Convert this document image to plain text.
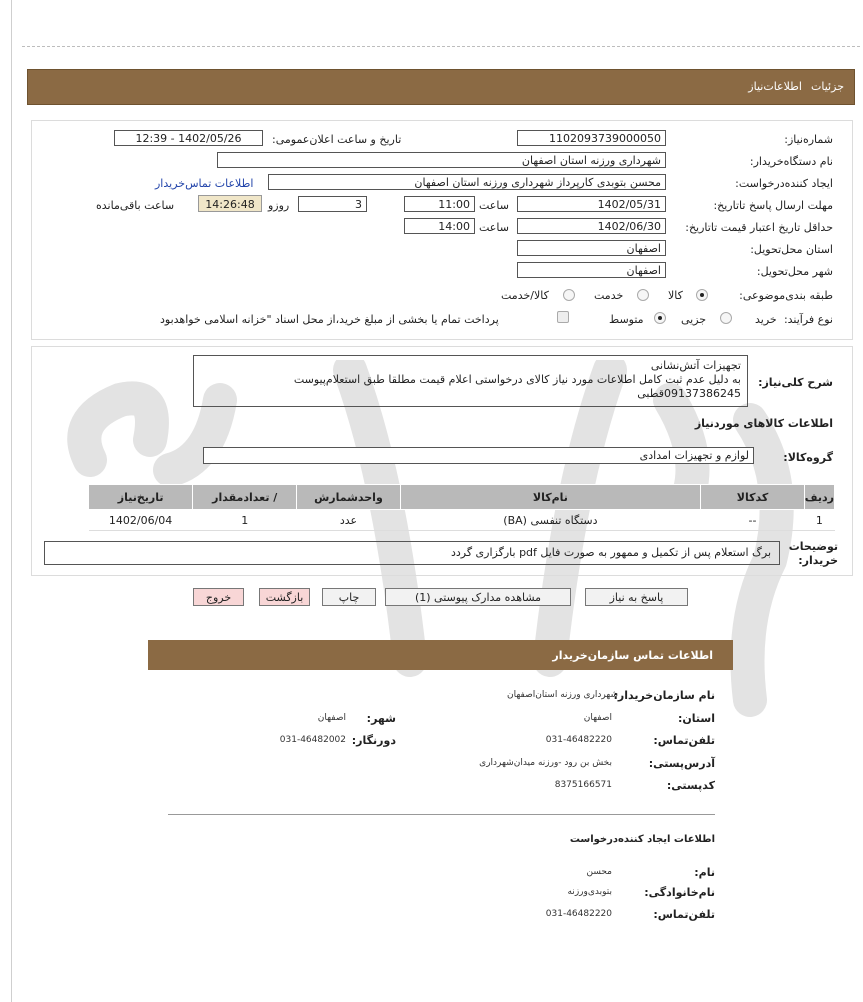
جزئیات
اطلاعات‌نیاز
شماره‌نیاز:
1102093739000050
تاریخ و ساعت اعلان‌عمومی:
1402/05/26 - 12:39
نام دستگاه‌خریدار:
شهرداری ورزنه استان اصفهان
ایجاد کننده‌درخواست:
محسن بتوبدی کارپرداز شهرداری ورزنه استان اصفهان
اطلاعات تماس‌خریدار
مهلت ارسال پاسخ تا‌تاریخ:
1402/05/31
ساعت
11:00
3
روزو
14:26:48
ساعت باقی‌مانده
حداقل تاریخ اعتبار قیمت تا‌تاریخ:
1402/06/30
ساعت
14:00
استان محل‌تحویل:
اصفهان
شهر محل‌تحویل:
اصفهان
طبقه بندی‌موضوعی:
کالا
خدمت
کالا/خدمت
نوع فرآیند:
خرید
جزیی
متوسط
پرداخت تمام یا بخشی از مبلغ خرید،از محل اسناد "خزانه اسلامی خواهد‌بود
شرح کلی‌نیاز:
تجهیزات آتش‌نشانی
به دلیل عدم ثبت کامل اطلاعات مورد نیاز کالای درخواستی اعلام قیمت مطلقا طبق استعلام‌پیوست
09137386245قطبی
اطلاعات کالاهای موردنیاز
گروه‌کالا:
لوازم و تجهیزات امدادی
ردیف	کدکالا	نام‌کالا	واحدشمارش	/ تعدادمقدار	تاریخ‌نیاز
1	--	دستگاه تنفسی (BA)	عدد	1	1402/06/04
توضیحات خریدار:
برگ استعلام پس از تکمیل و ممهور به صورت فایل pdf بارگزاری گردد
پاسخ به نیاز
مشاهده مدارک پیوستی (1)
چاپ
بازگشت
خروج
اطلاعات تماس سازمان‌خریدار
نام سازمان‌خریدار:
شهرداری ورزنه استان‌اصفهان
استان:
اصفهان
شهر:
اصفهان
تلفن‌تماس:
031-46482220
دورنگار:
031-46482002
آدرس‌پستی:
بخش بن رود -ورزنه میدان‌شهرداری
کدپستی:
8375166571
اطلاعات ایجاد کننده‌درخواست
نام:
محسن
نام‌خانوادگی:
بتوبدی‌ورزنه
تلفن‌تماس:
031-46482220
